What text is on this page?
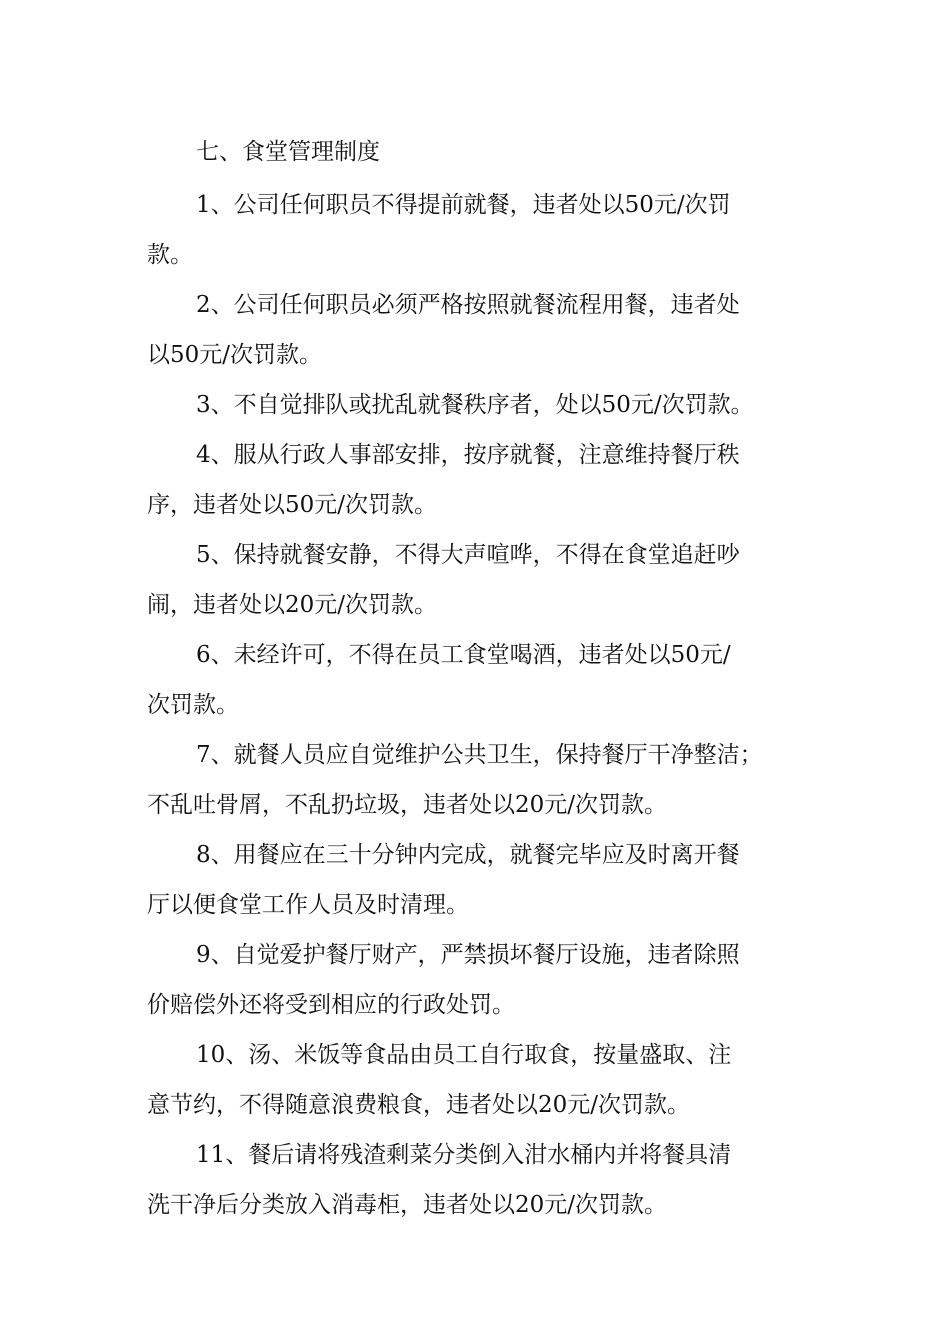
七、食堂管理制度
1、公司任何职员不得提前就餐，违者处以50元/次罚
款。
2、公司任何职员必须严格按照就餐流程用餐，违者处
以50元/次罚款。
3、不自觉排队或扰乱就餐秩序者，处以50元/次罚款。
4、服从行政人事部安排，按序就餐，注意维持餐厅秩
序，违者处以50元/次罚款。
5、保持就餐安静，不得大声喧哗，不得在食堂追赶吵
闹，违者处以20元/次罚款。
6、未经许可，不得在员工食堂喝酒，违者处以50元/
次罚款。
7、就餐人员应自觉维护公共卫生，保持餐厅干净整洁；
不乱吐骨屑，不乱扔垃圾，违者处以20元/次罚款。
8、用餐应在三十分钟内完成，就餐完毕应及时离开餐
厅以便食堂工作人员及时清理。
9、自觉爱护餐厅财产，严禁损坏餐厅设施，违者除照
价赔偿外还将受到相应的行政处罚。
10、汤、米饭等食品由员工自行取食，按量盛取、注
意节约，不得随意浪费粮食，违者处以20元/次罚款。
11、餐后请将残渣剩菜分类倒入泔水桶内并将餐具清
洗干净后分类放入消毒柜，违者处以20元/次罚款。
